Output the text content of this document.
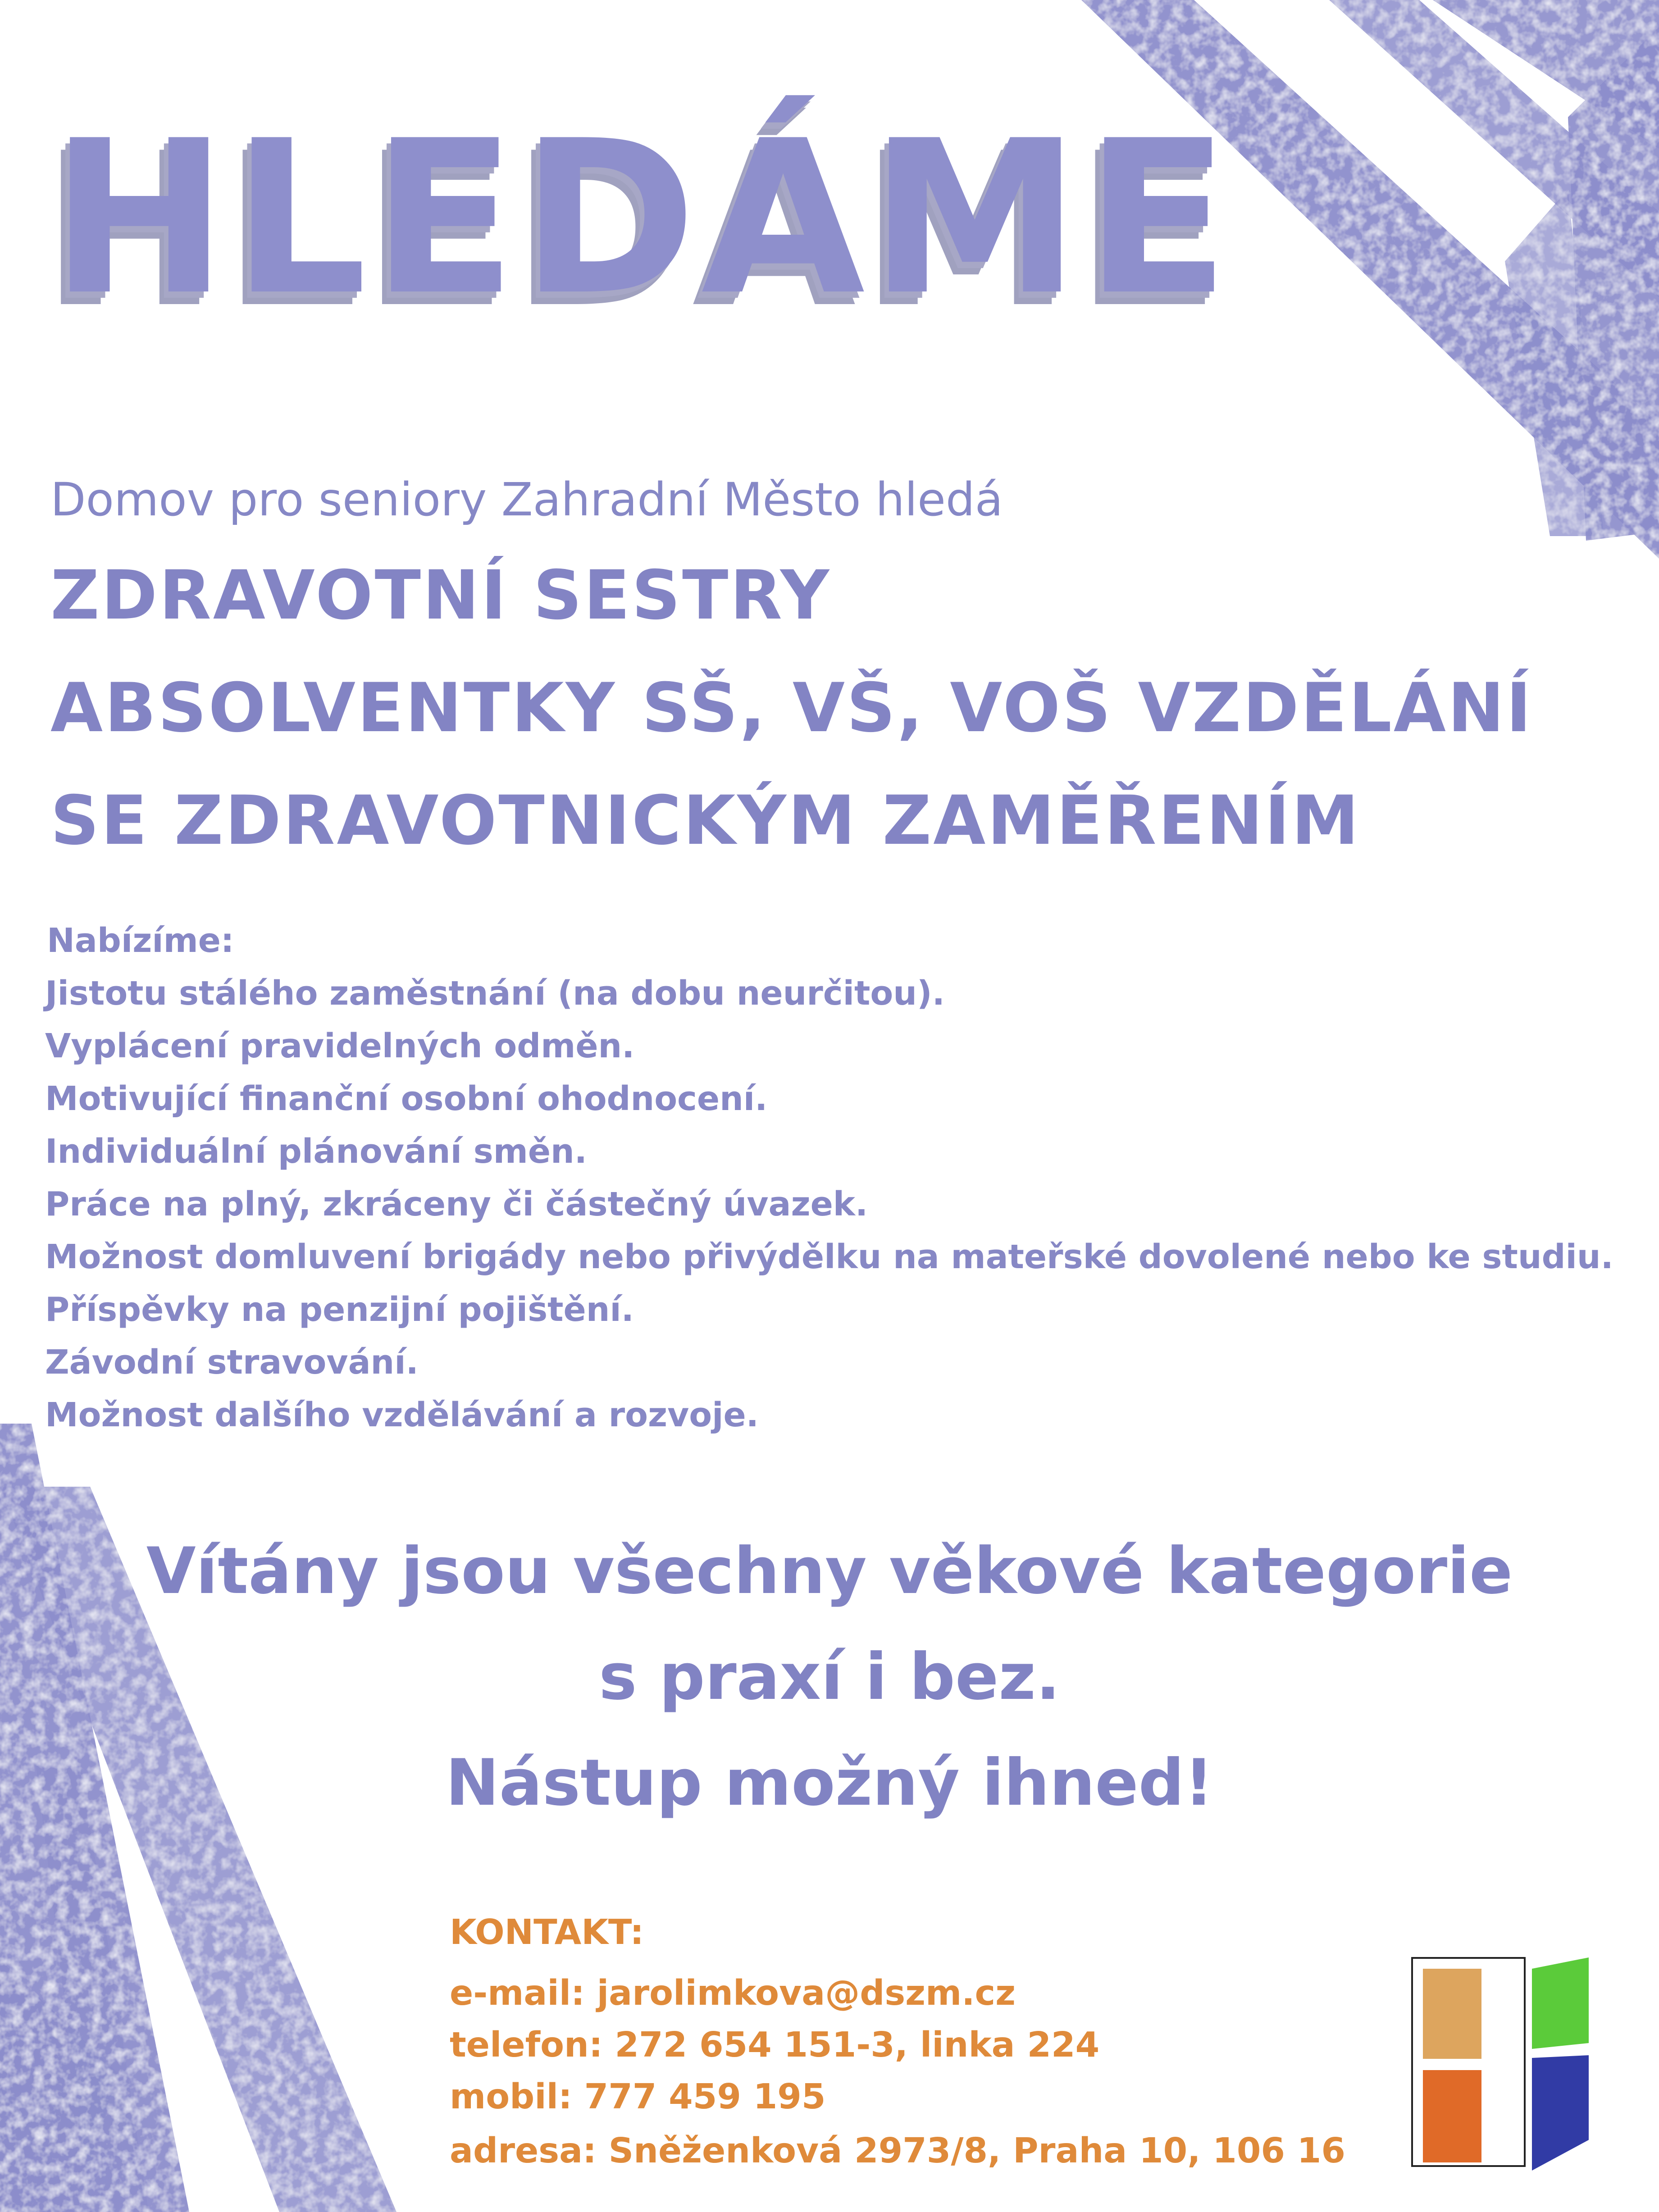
HLEDÁME
Domov pro seniory Zahradní Město hledá
ZDRAVOTNÍ SESTRY
ABSOLVENTKY SŠ, VŠ, VOŠ VZDĚLÁNÍ
SE ZDRAVOTNICKÝM ZAMĚŘENÍM
Nabízíme:
Jistotu stálého zaměstnání (na dobu neurčitou).
Vyplácení pravidelných odměn.
Motivující finanční osobní ohodnocení.
Individuální plánování směn.
Práce na plný, zkráceny či částečný úvazek.
Možnost domluvení brigády nebo přivýdělku na mateřské dovolené nebo ke studiu.
Příspěvky na penzijní pojištění.
Závodní stravování.
Možnost dalšího vzdělávání a rozvoje.
Vítány jsou všechny věkové kategorie
s praxí i bez.
Nástup možný ihned!
KONTAKT:
e-mail: jarolimkova@dszm.cz
telefon: 272 654 151-3, linka 224
mobil: 777 459 195
adresa: Sněženková 2973/8, Praha 10, 106 16
